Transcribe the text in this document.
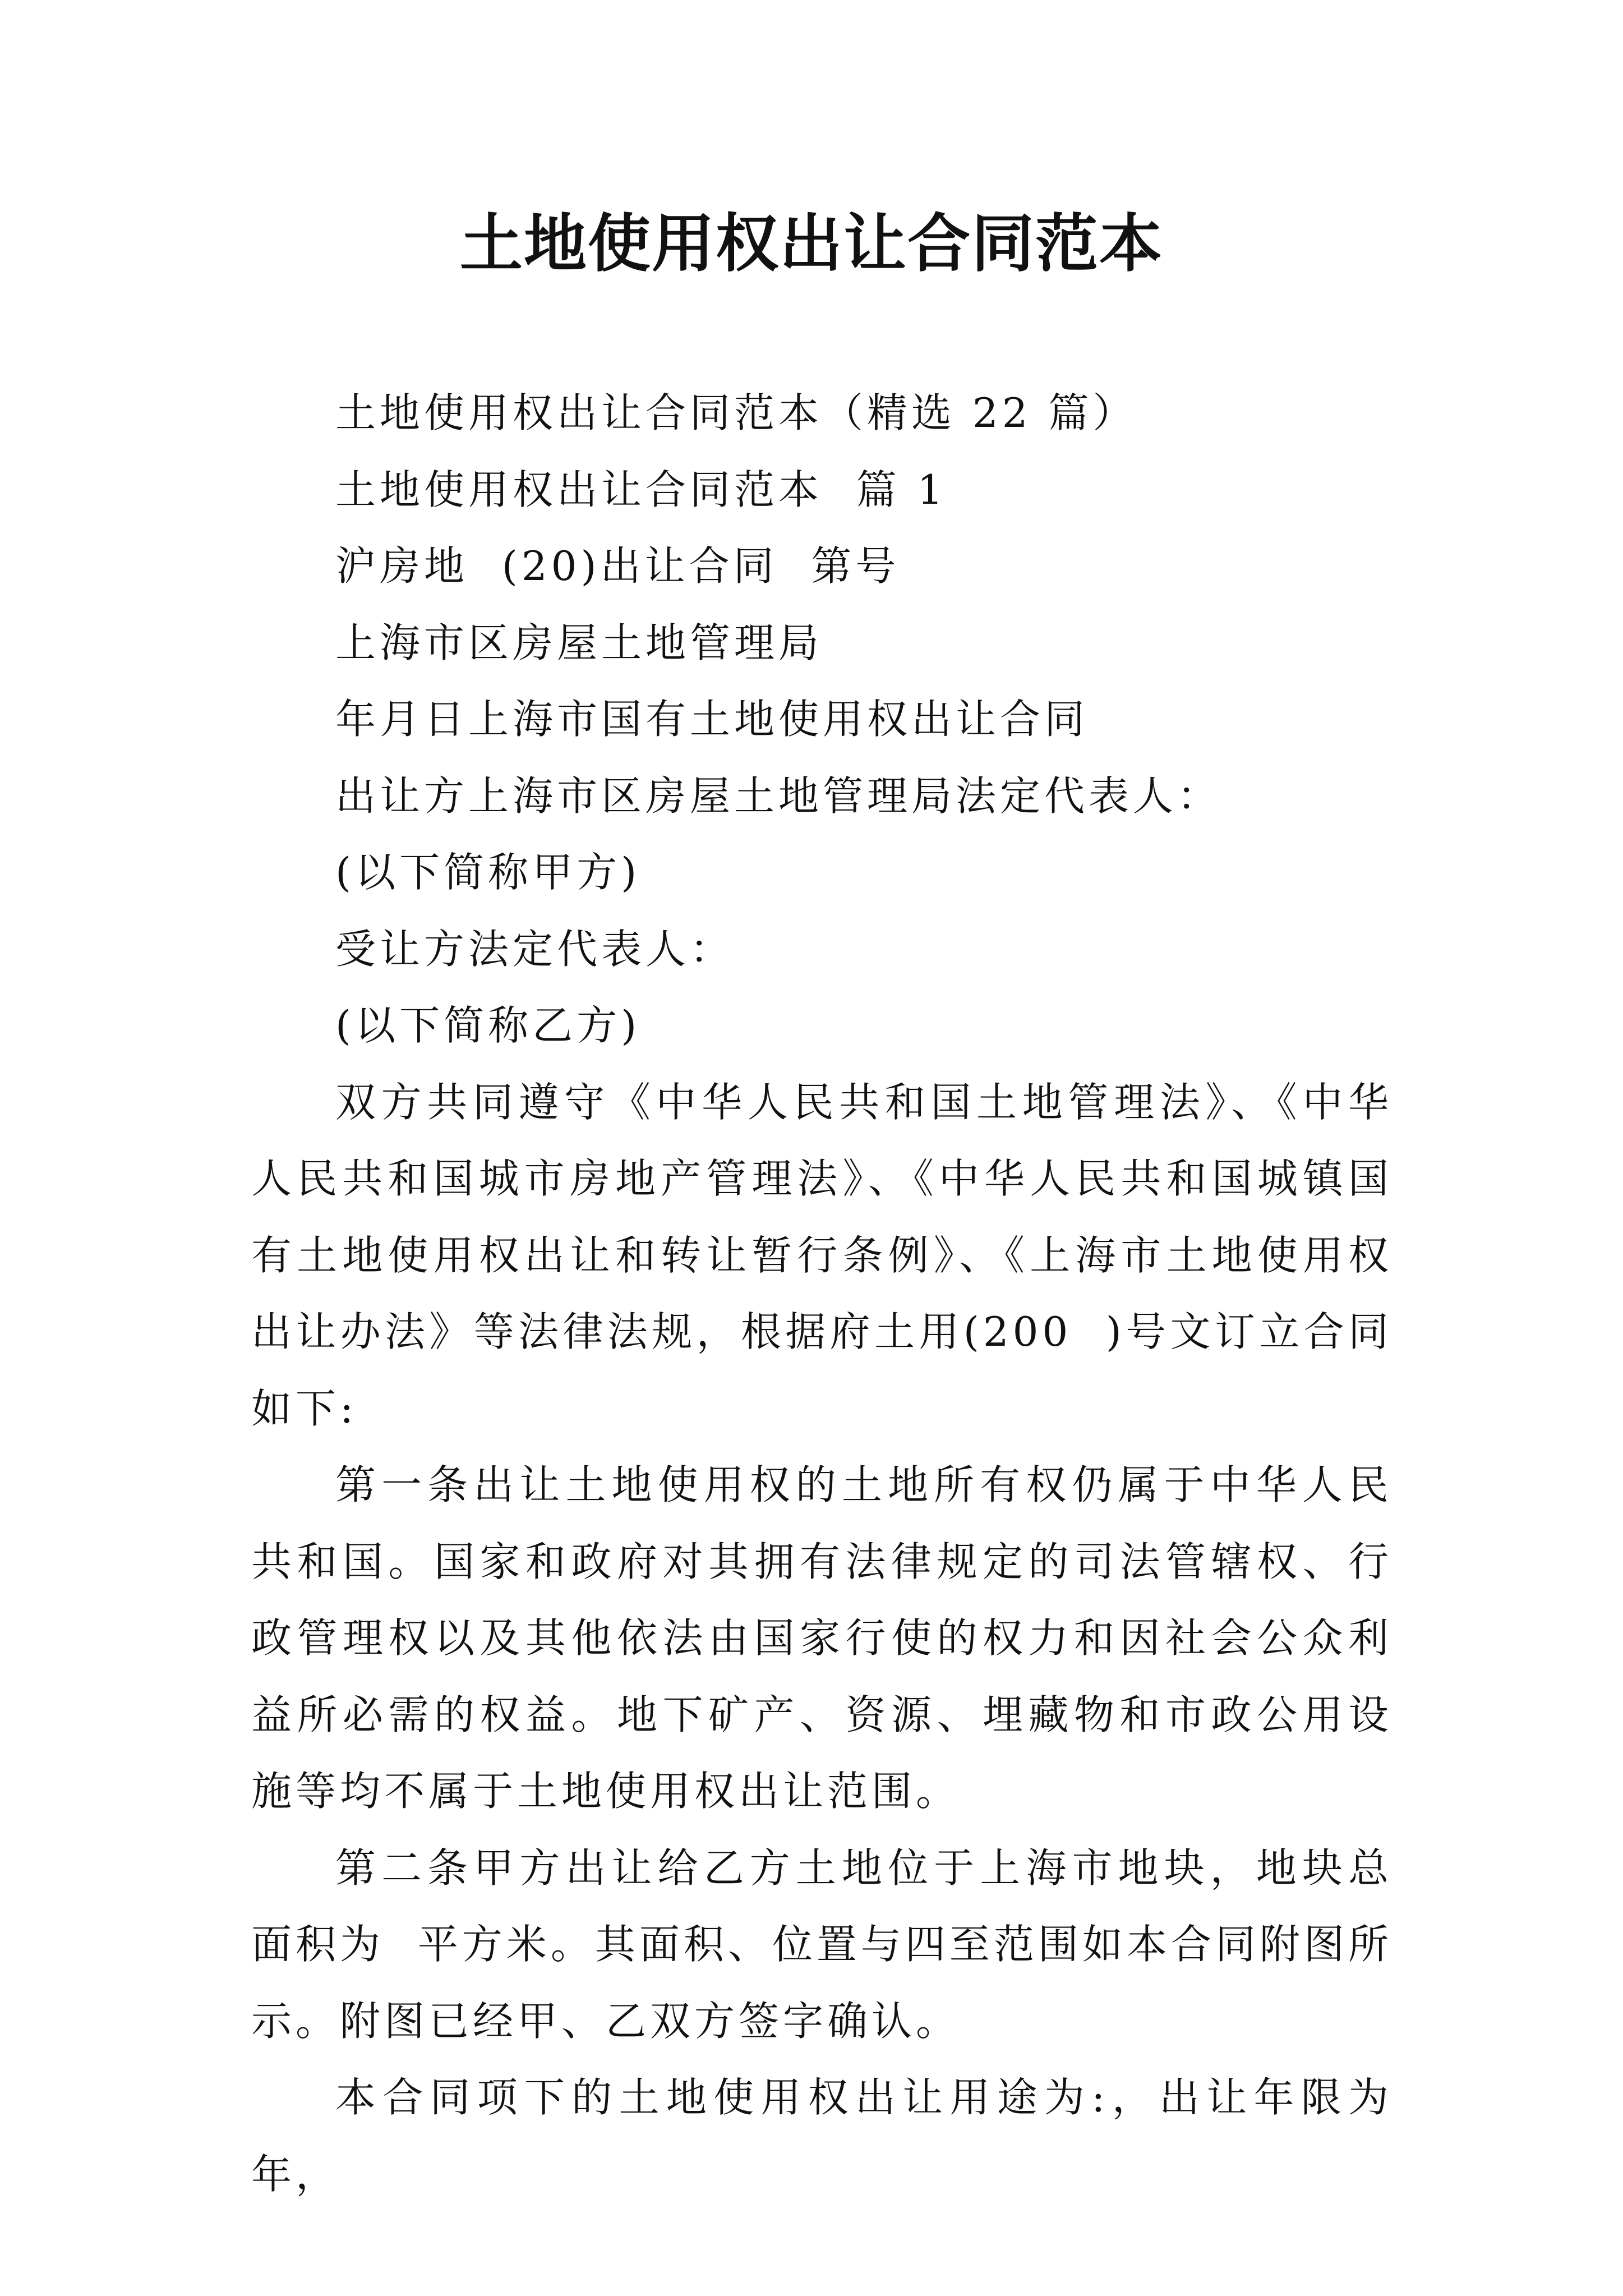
土地使用权出让合同范本

土地使用权出让合同范本（精选 22 篇）

土地使用权出让合同范本  篇 1

沪房地  (20)出让合同  第号

上海市区房屋土地管理局

年月日上海市国有土地使用权出让合同

出让方上海市区房屋土地管理局法定代表人：

(以下简称甲方)

受让方法定代表人：

(以下简称乙方)

双方共同遵守《中华人民共和国土地管理法》、《中华人民共和国城市房地产管理法》、《中华人民共和国城镇国有土地使用权出让和转让暂行条例》、《上海市土地使用权出让办法》等法律法规，根据府土用(200  )号文订立合同如下:

第一条出让土地使用权的土地所有权仍属于中华人民共和国。国家和政府对其拥有法律规定的司法管辖权、行政管理权以及其他依法由国家行使的权力和因社会公众利益所必需的权益。地下矿产、资源、埋藏物和市政公用设施等均不属于土地使用权出让范围。

第二条甲方出让给乙方土地位于上海市地块，地块总面积为  平方米。其面积、位置与四至范围如本合同附图所示。附图已经甲、乙双方签字确认。

本合同项下的土地使用权出让用途为:，出让年限为  年，
